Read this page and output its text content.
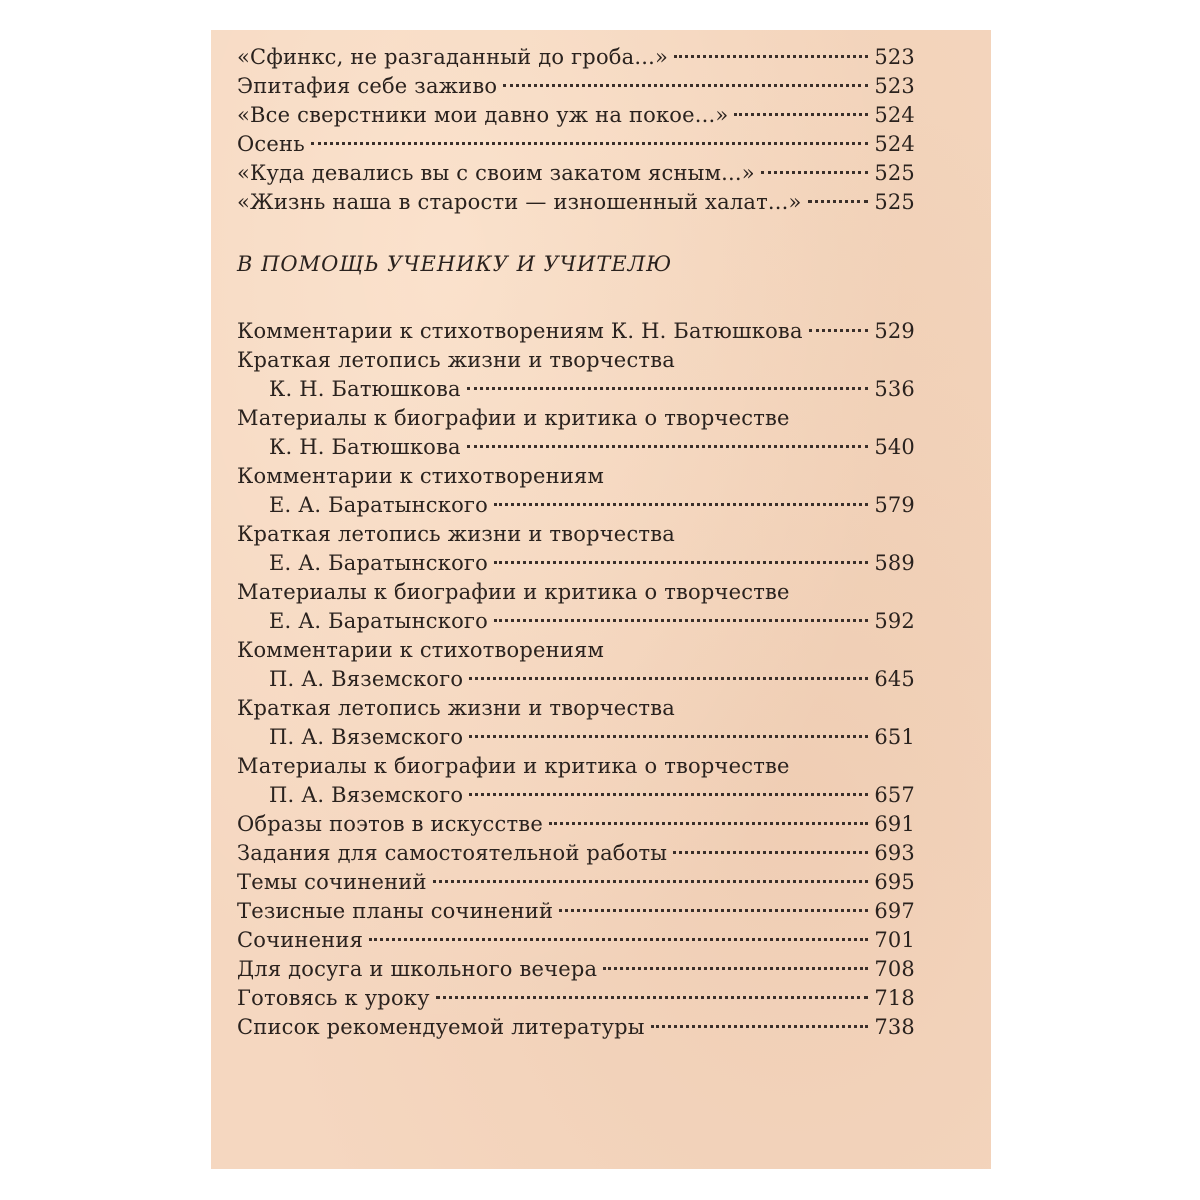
«Сфинкс, не разгаданный до гроба...»	523
Эпитафия себе заживо	523
«Все сверстники мои давно уж на покое...»	524
Осень	524
«Куда девались вы с своим закатом ясным...»	525
«Жизнь наша в старости — изношенный халат...»	525
В ПОМОЩЬ УЧЕНИКУ И УЧИТЕЛЮ
Комментарии к стихотворениям К. Н. Батюшкова	529
Краткая летопись жизни и творчества
К. Н. Батюшкова	536
Материалы к биографии и критика о творчестве
К. Н. Батюшкова	540
Комментарии к стихотворениям
Е. А. Баратынского	579
Краткая летопись жизни и творчества
Е. А. Баратынского	589
Материалы к биографии и критика о творчестве
Е. А. Баратынского	592
Комментарии к стихотворениям
П. А. Вяземского	645
Краткая летопись жизни и творчества
П. А. Вяземского	651
Материалы к биографии и критика о творчестве
П. А. Вяземского	657
Образы поэтов в искусстве	691
Задания для самостоятельной работы	693
Темы сочинений	695
Тезисные планы сочинений	697
Сочинения	701
Для досуга и школьного вечера	708
Готовясь к уроку	718
Список рекомендуемой литературы	738
